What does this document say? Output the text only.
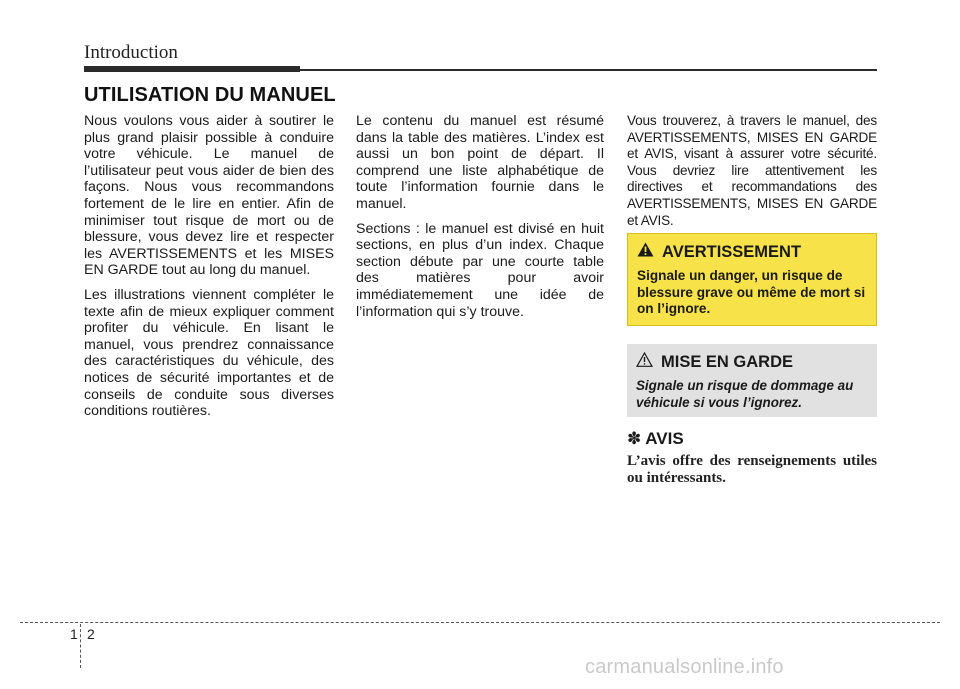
Introduction
UTILISATION DU MANUEL

Nous voulons vous aider à soutirer le plus grand plaisir possible à conduire votre véhicule. Le manuel de l’utilisateur peut vous aider de bien des façons. Nous vous recommandons fortement de le lire en entier. Afin de minimiser tout risque de mort ou de blessure, vous devez lire et respecter les AVERTISSEMENTS et les MISES EN GARDE tout au long du manuel.

Les illustrations viennent compléter le texte afin de mieux expliquer comment profiter du véhicule. En lisant le manuel, vous prendrez connaissance des caractéristiques du véhicule, des notices de sécurité importantes et de conseils de conduite sous diverses conditions routières.

Le contenu du manuel est résumé dans la table des matières. L’index est aussi un bon point de départ. Il comprend une liste alphabétique de toute l’information fournie dans le manuel.

Sections : le manuel est divisé en huit sections, en plus d’un index. Chaque section débute par une courte table des matières pour avoir immédiatemement une idée de l’information qui s’y trouve.

Vous trouverez, à travers le manuel, des AVERTISSEMENTS, MISES EN GARDE et AVIS, visant à assurer votre sécurité. Vous devriez lire attentivement les directives et recommandations des AVERTISSEMENTS, MISES EN GARDE et AVIS.

AVERTISSEMENT
Signale un danger, un risque de blessure grave ou même de mort si on l’ignore.
MISE EN GARDE
Signale un risque de dommage au véhicule si vous l’ignorez.
✽ AVIS
L’avis offre des renseignements utiles ou intéressants.
1 2
carmanualsonline.info
